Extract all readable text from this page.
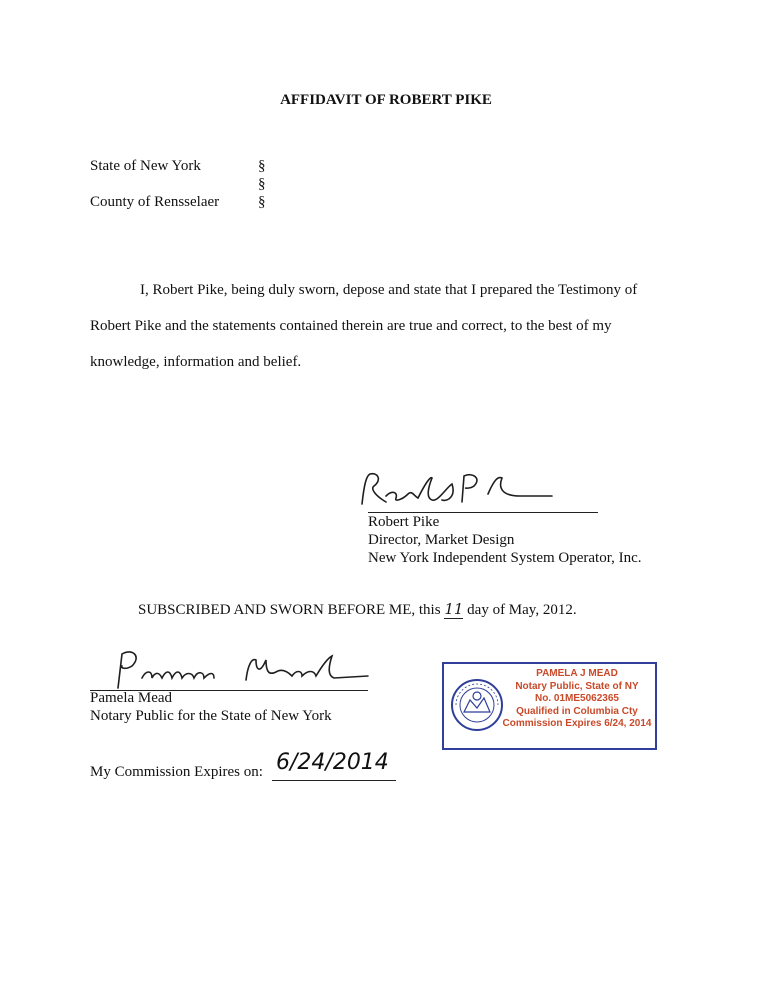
AFFIDAVIT OF ROBERT PIKE
State of New York
County of Rensselaer
§
§
§
I, Robert Pike, being duly sworn, depose and state that I prepared the Testimony of
Robert Pike and the statements contained therein are true and correct, to the best of my
knowledge, information and belief.
Robert Pike
Director, Market Design
New York Independent System Operator, Inc.
SUBSCRIBED AND SWORN BEFORE ME, this 11 day of May, 2012.
Pamela Mead
Notary Public for the State of New York
My Commission Expires on: 6/24/2014
PAMELA J MEAD
Notary Public, State of NY
No. 01ME5062365
Qualified in Columbia Cty
Commission Expires 6/24, 2014
